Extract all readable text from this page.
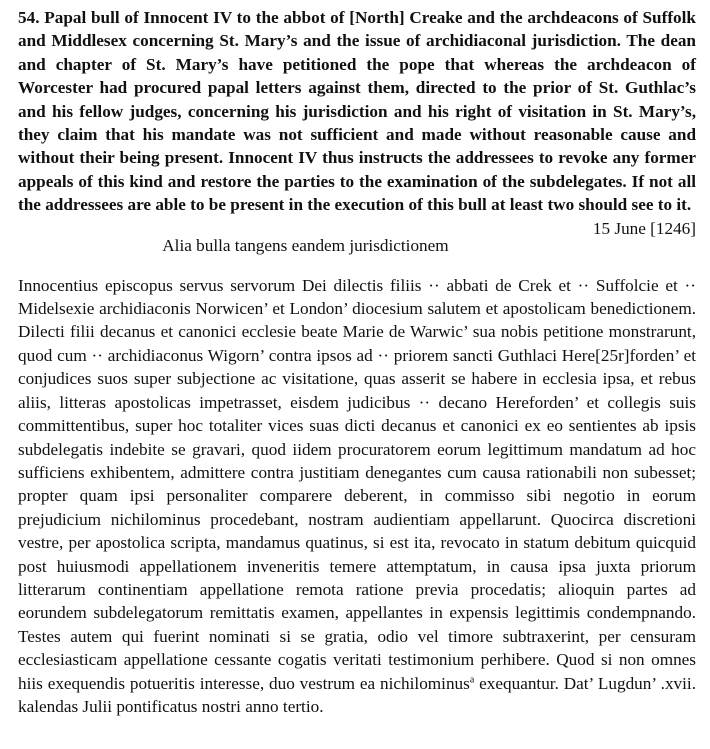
54. Papal bull of Innocent IV to the abbot of [North] Creake and the archdeacons of Suffolk and Middlesex concerning St. Mary’s and the issue of archidiaconal jurisdiction. The dean and chapter of St. Mary’s have petitioned the pope that whereas the archdeacon of Worcester had procured papal letters against them, directed to the prior of St. Guthlac’s and his fellow judges, concerning his jurisdiction and his right of visitation in St. Mary’s, they claim that his mandate was not sufficient and made without reasonable cause and without their being present. Innocent IV thus instructs the addressees to revoke any former appeals of this kind and restore the parties to the examination of the subdelegates. If not all the addressees are able to be present in the execution of this bull at least two should see to it.
15 June [1246]

Alia bulla tangens eandem jurisdictionem

Innocentius episcopus servus servorum Dei dilectis filiis ·· abbati de Crek et ·· Suffolcie et ·· Midelsexie archidiaconis Norwicen’ et London’ diocesium salutem et apostolicam benedictionem. Dilecti filii decanus et canonici ecclesie beate Marie de Warwic’ sua nobis petitione monstrarunt, quod cum ·· archidiaconus Wigorn’ contra ipsos ad ·· priorem sancti Guthlaci Here[25r]forden’ et conjudices suos super subjectione ac visitatione, quas asserit se habere in ecclesia ipsa, et rebus aliis, litteras apostolicas impetrasset, eisdem judicibus ·· decano Hereforden’ et collegis suis committentibus, super hoc totaliter vices suas dicti decanus et canonici ex eo sentientes ab ipsis subdelegatis indebite se gravari, quod iidem procuratorem eorum legittimum mandatum ad hoc sufficiens exhibentem, admittere contra justitiam denegantes cum causa rationabili non subesset; propter quam ipsi personaliter comparere deberent, in commisso sibi negotio in eorum prejudicium nichilominus procedebant, nostram audientiam appellarunt. Quocirca discretioni vestre, per apostolica scripta, mandamus quatinus, si est ita, revocato in statum debitum quicquid post huiusmodi appellationem inveneritis temere attemptatum, in causa ipsa juxta priorum litterarum continentiam appellatione remota ratione previa procedatis; alioquin partes ad eorundem subdelegatorum remittatis examen, appellantes in expensis legittimis condempnando. Testes autem qui fuerint nominati si se gratia, odio vel timore subtraxerint, per censuram ecclesiasticam appellatione cessante cogatis veritati testimonium perhibere. Quod si non omnes hiis exequendis potueritis interesse, duo vestrum ea nichilominus$^a$ exequantur. Dat’ Lugdun’ .xvii. kalendas Julii pontificatus nostri anno tertio.
